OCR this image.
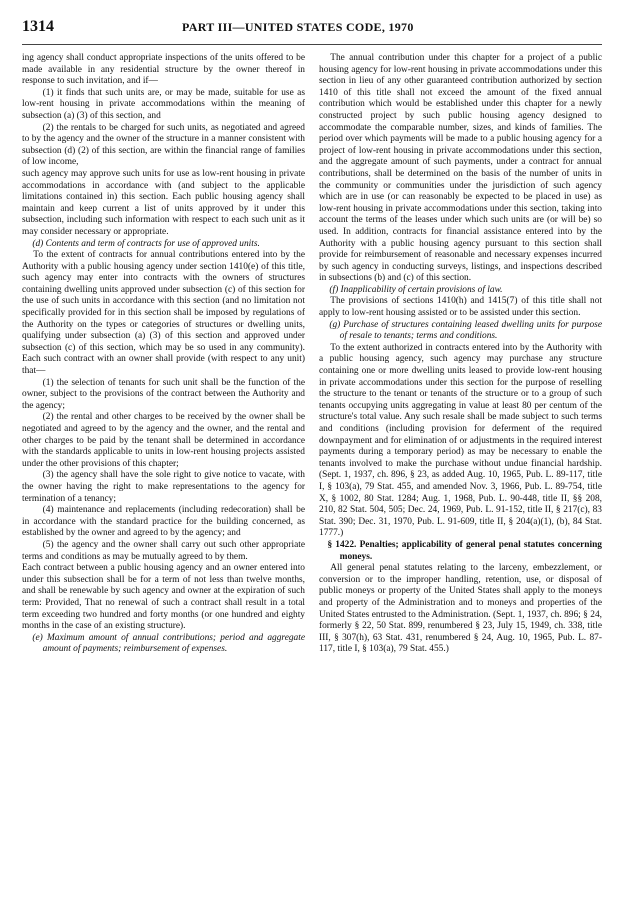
1314	PART III—UNITED STATES CODE, 1970

ing agency shall conduct appropriate inspections of the units offered to be made available in any residential structure by the owner thereof in response to such invitation, and if—

(1) it finds that such units are, or may be made, suitable for use as low-rent housing in private accommodations within the meaning of subsection (a) (3) of this section, and

(2) the rentals to be charged for such units, as negotiated and agreed to by the agency and the owner of the structure in a manner consistent with subsection (d) (2) of this section, are within the financial range of families of low income,

such agency may approve such units for use as low-rent housing in private accommodations in accordance with (and subject to the applicable limitations contained in) this section. Each public housing agency shall maintain and keep current a list of units approved by it under this subsection, including such information with respect to each such unit as it may consider necessary or appropriate.

(d) Contents and term of contracts for use of approved units.

To the extent of contracts for annual contributions entered into by the Authority with a public housing agency under section 1410(e) of this title, such agency may enter into contracts with the owners of structures containing dwelling units approved under subsection (c) of this section for the use of such units in accordance with this section (and no limitation not specifically provided for in this section shall be imposed by regulations of the Authority on the types or categories of structures or dwelling units, qualifying under subsection (a) (3) of this section and approved under subsection (c) of this section, which may be so used in any community). Each such contract with an owner shall provide (with respect to any unit) that—

(1) the selection of tenants for such unit shall be the function of the owner, subject to the provisions of the contract between the Authority and the agency;

(2) the rental and other charges to be received by the owner shall be negotiated and agreed to by the agency and the owner, and the rental and other charges to be paid by the tenant shall be determined in accordance with the standards applicable to units in low-rent housing projects assisted under the other provisions of this chapter;

(3) the agency shall have the sole right to give notice to vacate, with the owner having the right to make representations to the agency for termination of a tenancy;

(4) maintenance and replacements (including redecoration) shall be in accordance with the standard practice for the building concerned, as established by the owner and agreed to by the agency; and

(5) the agency and the owner shall carry out such other appropriate terms and conditions as may be mutually agreed to by them.

Each contract between a public housing agency and an owner entered into under this subsection shall be for a term of not less than twelve months, and shall be renewable by such agency and owner at the expiration of such term: Provided, That no renewal of such a contract shall result in a total term exceeding two hundred and forty months (or one hundred and eighty months in the case of an existing structure).

(e) Maximum amount of annual contributions; period and aggregate amount of payments; reimbursement of expenses.

The annual contribution under this chapter for a project of a public housing agency for low-rent housing in private accommodations under this section in lieu of any other guaranteed contribution authorized by section 1410 of this title shall not exceed the amount of the fixed annual contribution which would be established under this chapter for a newly constructed project by such public housing agency designed to accommodate the comparable number, sizes, and kinds of families. The period over which payments will be made to a public housing agency for a project of low-rent housing in private accommodations under this section, and the aggregate amount of such payments, under a contract for annual contributions, shall be determined on the basis of the number of units in the community or communities under the jurisdiction of such agency which are in use (or can reasonably be expected to be placed in use) as low-rent housing in private accommodations under this section, taking into account the terms of the leases under which such units are (or will be) so used. In addition, contracts for financial assistance entered into by the Authority with a public housing agency pursuant to this section shall provide for reimbursement of reasonable and necessary expenses incurred by such agency in conducting surveys, listings, and inspections described in subsections (b) and (c) of this section.

(f) Inapplicability of certain provisions of law.

The provisions of sections 1410(h) and 1415(7) of this title shall not apply to low-rent housing assisted or to be assisted under this section.

(g) Purchase of structures containing leased dwelling units for purpose of resale to tenants; terms and conditions.

To the extent authorized in contracts entered into by the Authority with a public housing agency, such agency may purchase any structure containing one or more dwelling units leased to provide low-rent housing in private accommodations under this section for the purpose of reselling the structure to the tenant or tenants of the structure or to a group of such tenants occupying units aggregating in value at least 80 per centum of the structure's total value. Any such resale shall be made subject to such terms and conditions (including provision for deferment of the required downpayment and for elimination of or adjustments in the required interest payments during a temporary period) as may be necessary to enable the tenants involved to make the purchase without undue financial hardship. (Sept. 1, 1937, ch. 896, § 23, as added Aug. 10, 1965, Pub. L. 89-117, title I, § 103(a), 79 Stat. 455, and amended Nov. 3, 1966, Pub. L. 89-754, title X, § 1002, 80 Stat. 1284; Aug. 1, 1968, Pub. L. 90-448, title II, §§ 208, 210, 82 Stat. 504, 505; Dec. 24, 1969, Pub. L. 91-152, title II, § 217(c), 83 Stat. 390; Dec. 31, 1970, Pub. L. 91-609, title II, § 204(a)(1), (b), 84 Stat. 1777.)

§ 1422. Penalties; applicability of general penal statutes concerning moneys.

All general penal statutes relating to the larceny, embezzlement, or conversion or to the improper handling, retention, use, or disposal of public moneys or property of the United States shall apply to the moneys and property of the Administration and to moneys and properties of the United States entrusted to the Administration. (Sept. 1, 1937, ch. 896; § 24, formerly § 22, 50 Stat. 899, renumbered § 23, July 15, 1949, ch. 338, title III, § 307(h), 63 Stat. 431, renumbered § 24, Aug. 10, 1965, Pub. L. 87-117, title I, § 103(a), 79 Stat. 455.)
